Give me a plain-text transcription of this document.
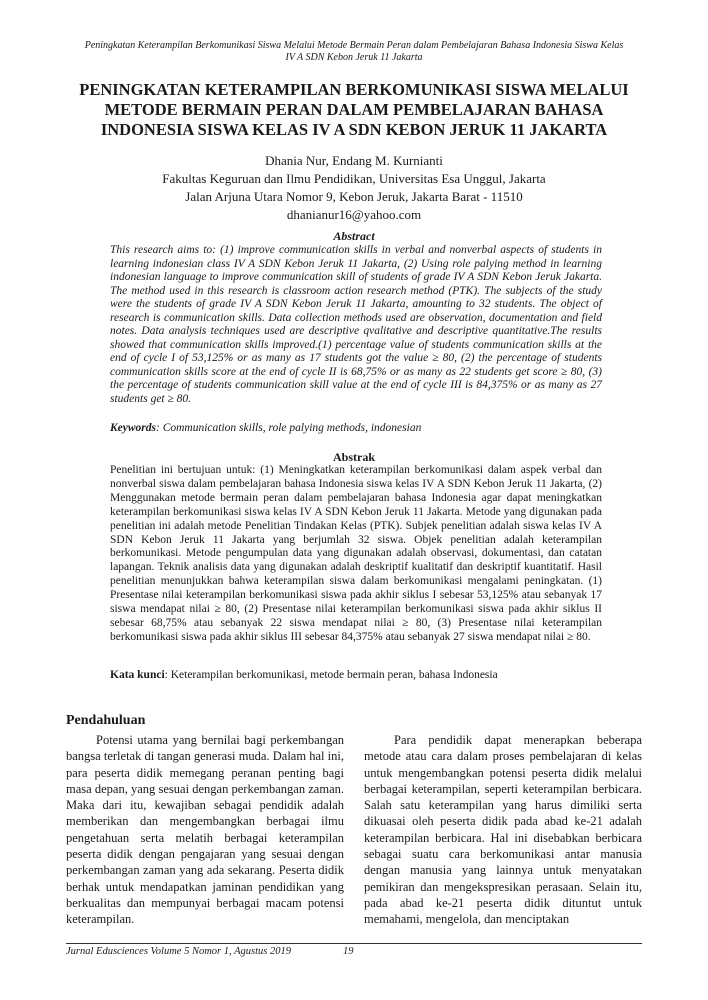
Peningkatan Keterampilan Berkomunikasi Siswa Melalui Metode Bermain Peran dalam Pembelajaran Bahasa Indonesia Siswa Kelas
IV A SDN Kebon Jeruk 11 Jakarta
PENINGKATAN KETERAMPILAN BERKOMUNIKASI SISWA MELALUI
METODE BERMAIN PERAN DALAM PEMBELAJARAN BAHASA
INDONESIA SISWA KELAS IV A SDN KEBON JERUK 11 JAKARTA
Dhania Nur, Endang M. Kurnianti
Fakultas Keguruan dan Ilmu Pendidikan, Universitas Esa Unggul, Jakarta
Jalan Arjuna Utara Nomor 9, Kebon Jeruk, Jakarta Barat - 11510
dhanianur16@yahoo.com
Abstract
This research aims to: (1) improve communication skills in verbal and nonverbal aspects of students in learning indonesian class IV A SDN Kebon Jeruk 11 Jakarta, (2) Using role palying method in learning indonesian language to improve communication skill of students of grade IV A SDN Kebon Jeruk Jakarta. The method used in this research is classroom action research method (PTK). The subjects of the study were the students of grade IV A SDN Kebon Jeruk 11 Jakarta, amounting to 32 students. The object of research is communication skills. Data collection methods used are observation, documentation and field notes. Data analysis techniques used are descriptive qvalitative and descriptive quantitative.The results showed that communication skills improved.(1) percentage value of students communication skills at the end of cycle I of 53,125% or as many as 17 students got the value ≥ 80, (2) the percentage of students communication skills score at the end of cycle II is 68,75% or as many as 22 students get score ≥ 80, (3) the percentage of students communication skill value at the end of cycle III is 84,375% or as many as 27 students get ≥ 80.
Keywords: Communication skills, role palying methods, indonesian
Abstrak
Penelitian ini bertujuan untuk: (1) Meningkatkan keterampilan berkomunikasi dalam aspek verbal dan nonverbal siswa dalam pembelajaran bahasa Indonesia siswa kelas IV A SDN Kebon Jeruk 11 Jakarta, (2) Menggunakan metode bermain peran dalam pembelajaran bahasa Indonesia agar dapat meningkatkan keterampilan berkomunikasi siswa kelas IV A SDN Kebon Jeruk 11 Jakarta. Metode yang digunakan pada penelitian ini adalah metode Penelitian Tindakan Kelas (PTK). Subjek penelitian adalah siswa kelas IV A SDN Kebon Jeruk 11 Jakarta yang berjumlah 32 siswa. Objek penelitian adalah keterampilan berkomunikasi. Metode pengumpulan data yang digunakan adalah observasi, dokumentasi, dan catatan lapangan. Teknik analisis data yang digunakan adalah deskriptif kualitatif dan deskriptif kuantitatif. Hasil penelitian menunjukkan bahwa keterampilan siswa dalam berkomunikasi mengalami peningkatan. (1) Presentase nilai keterampilan berkomunikasi siswa pada akhir siklus I sebesar 53,125% atau sebanyak 17 siswa mendapat nilai ≥ 80, (2) Presentase nilai keterampilan berkomunikasi siswa pada akhir siklus II sebesar 68,75% atau sebanyak 22 siswa mendapat nilai ≥ 80, (3) Presentase nilai keterampilan berkomunikasi siswa pada akhir siklus III sebesar 84,375% atau sebanyak 27 siswa mendapat nilai ≥ 80.
Kata kunci: Keterampilan berkomunikasi, metode bermain peran, bahasa Indonesia
Pendahuluan

Potensi utama yang bernilai bagi perkembangan bangsa terletak di tangan generasi muda. Dalam hal ini, para peserta didik memegang peranan penting bagi masa depan, yang sesuai dengan perkembangan zaman. Maka dari itu, kewajiban sebagai pendidik adalah memberikan dan mengembangkan berbagai ilmu pengetahuan serta melatih berbagai keterampilan peserta didik dengan pengajaran yang sesuai dengan perkembangan zaman yang ada sekarang. Peserta didik berhak untuk mendapatkan jaminan pendidikan yang berkualitas dan mempunyai berbagai macam potensi keterampilan.

Para pendidik dapat menerapkan beberapa metode atau cara dalam proses pembelajaran di kelas untuk mengembangkan potensi peserta didik melalui berbagai keterampilan, seperti keterampilan berbicara. Salah satu keterampilan yang harus dimiliki serta dikuasai oleh peserta didik pada abad ke-21 adalah keterampilan berbicara. Hal ini disebabkan berbicara sebagai suatu cara berkomunikasi antar manusia dengan manusia yang lainnya untuk menyatakan pemikiran dan mengekspresikan perasaan. Selain itu, pada abad ke-21 peserta didik dituntut untuk memahami, mengelola, dan menciptakan

Jurnal Edusciences Volume 5 Nomor 1, Agustus 2019	19
